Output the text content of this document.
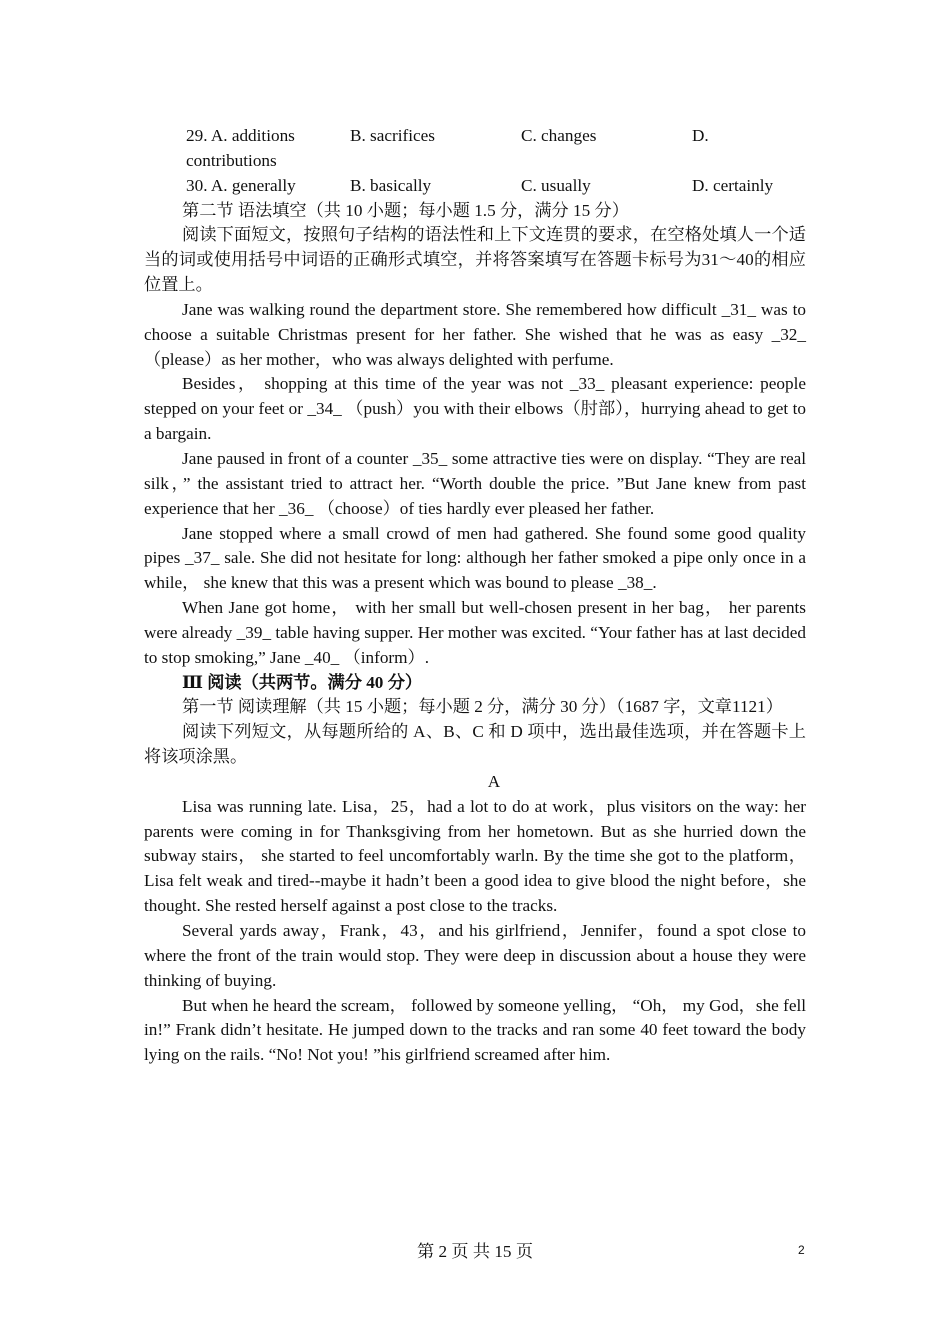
29. A. additions	B. sacrifices	C. changes	D.
contributions
30. A. generally	B. basically	C. usually	D. certainly
第二节 语法填空（共 10 小题；每小题 1.5 分，满分 15 分）

阅读下面短文，按照句子结构的语法性和上下文连贯的要求，在空格处填人一个适当的词或使用括号中词语的正确形式填空，并将答案填写在答题卡标号为31～40的相应位置上。

Jane was walking round the department store. She remembered how difficult _31_ was to choose a suitable Christmas present for her father. She wished that he was as easy _32_ （please）as her mother，who was always delighted with perfume.

Besides， shopping at this time of the year was not _33_ pleasant experience: people stepped on your feet or _34_ （push）you with their elbows（肘部），hurrying ahead to get to a bargain.

Jane paused in front of a counter _35_ some attractive ties were on display. “They are real silk，” the assistant tried to attract her. “Worth double the price. ”But Jane knew from past experience that her _36_ （choose）of ties hardly ever pleased her father.

Jane stopped where a small crowd of men had gathered. She found some good quality pipes _37_ sale. She did not hesitate for long: although her father smoked a pipe only once in a while， she knew that this was a present which was bound to please _38_.

When Jane got home， with her small but well-chosen present in her bag， her parents were already _39_ table having supper. Her mother was excited. “Your father has at last decided to stop smoking,” Jane _40_ （inform）.

Ⅲ 阅读（共两节。满分 40 分）

第一节 阅读理解（共 15 小题；每小题 2 分，满分 30 分）（1687 字，文章1121）

阅读下列短文，从每题所给的 A、B、C 和 D 项中，选出最佳选项，并在答题卡上将该项涂黑。

A

Lisa was running late. Lisa，25，had a lot to do at work，plus visitors on the way: her parents were coming in for Thanksgiving from her hometown. But as she hurried down the subway stairs， she started to feel uncomfortably warln. By the time she got to the platform，Lisa felt weak and tired--maybe it hadn’t been a good idea to give blood the night before，she thought. She rested herself against a post close to the tracks.

Several yards away，Frank，43，and his girlfriend，Jennifer，found a spot close to where the front of the train would stop. They were deep in discussion about a house they were thinking of buying.

But when he heard the scream， followed by someone yelling， “Oh， my God，she fell in!” Frank didn’t hesitate. He jumped down to the tracks and ran some 40 feet toward the body lying on the rails. “No! Not you! ”his girlfriend screamed after him.

第 2 页 共 15 页	2
